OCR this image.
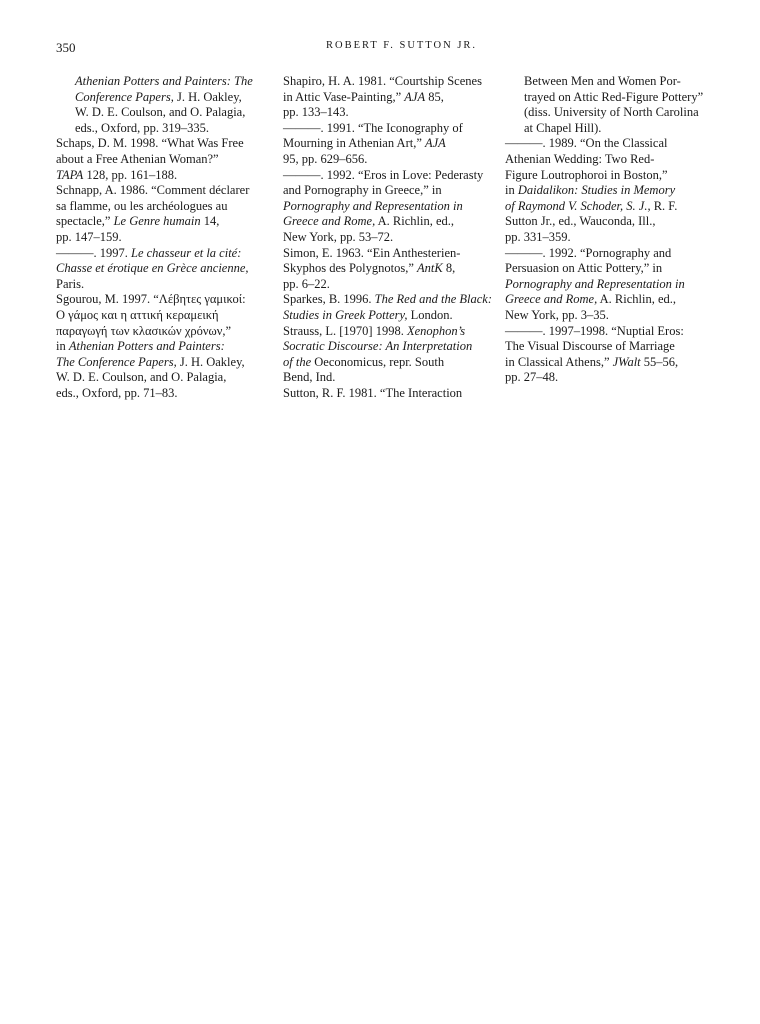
350	ROBERT F. SUTTON JR.

Athenian Potters and Painters: The
Conference Papers, J. H. Oakley,
W. D. E. Coulson, and O. Palagia,
eds., Oxford, pp. 319–335.

Schaps, D. M. 1998. “What Was Free
about a Free Athenian Woman?”
TAPA 128, pp. 161–188.

Schnapp, A. 1986. “Comment déclarer
sa flamme, ou les archéologues au
spectacle,” Le Genre humain 14,
pp. 147–159.

———. 1997. Le chasseur et la cité:
Chasse et érotique en Grèce ancienne,
Paris.

Sgourou, M. 1997. “Λέβητες γαμικοί:
Ο γάμος και η αττική κεραμεική
παραγωγή των κλασικών χρόνων,”
in Athenian Potters and Painters:
The Conference Papers, J. H. Oakley,
W. D. E. Coulson, and O. Palagia,
eds., Oxford, pp. 71–83.

Shapiro, H. A. 1981. “Courtship Scenes
in Attic Vase-Painting,” AJA 85,
pp. 133–143.

———. 1991. “The Iconography of
Mourning in Athenian Art,” AJA
95, pp. 629–656.

———. 1992. “Eros in Love: Pederasty
and Pornography in Greece,” in
Pornography and Representation in
Greece and Rome, A. Richlin, ed.,
New York, pp. 53–72.

Simon, E. 1963. “Ein Anthesterien-
Skyphos des Polygnotos,” AntK 8,
pp. 6–22.

Sparkes, B. 1996. The Red and the Black:
Studies in Greek Pottery, London.

Strauss, L. [1970] 1998. Xenophon’s
Socratic Discourse: An Interpretation
of the Oeconomicus, repr. South
Bend, Ind.

Sutton, R. F. 1981. “The Interaction

Between Men and Women Por-
trayed on Attic Red-Figure Pottery”
(diss. University of North Carolina
at Chapel Hill).

———. 1989. “On the Classical
Athenian Wedding: Two Red-
Figure Loutrophoroi in Boston,”
in Daidalikon: Studies in Memory
of Raymond V. Schoder, S. J., R. F.
Sutton Jr., ed., Wauconda, Ill.,
pp. 331–359.

———. 1992. “Pornography and
Persuasion on Attic Pottery,” in
Pornography and Representation in
Greece and Rome, A. Richlin, ed.,
New York, pp. 3–35.

———. 1997–1998. “Nuptial Eros:
The Visual Discourse of Marriage
in Classical Athens,” JWalt 55–56,
pp. 27–48.
